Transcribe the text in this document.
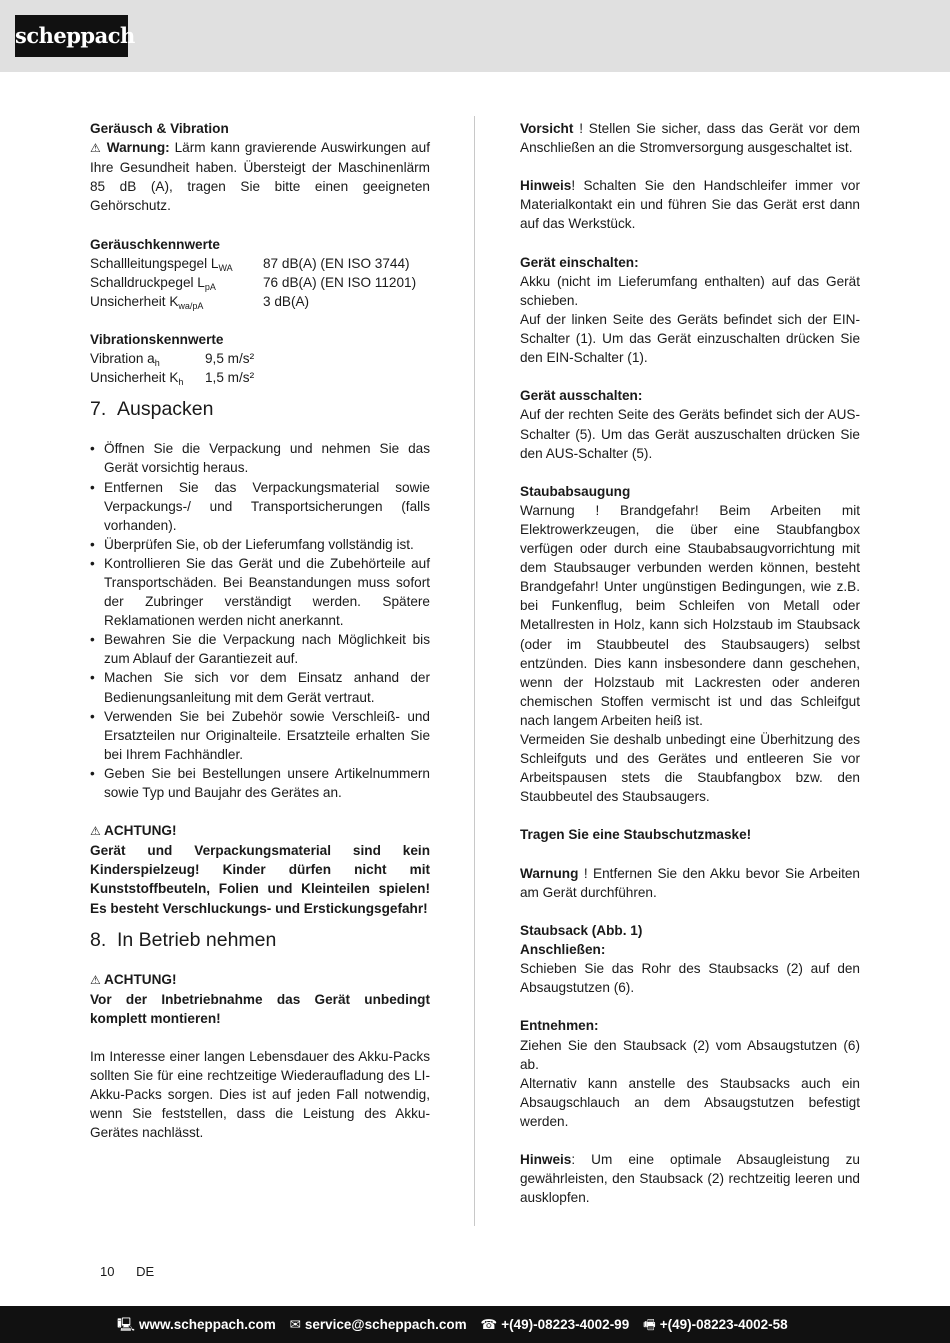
scheppach

Geräusch & Vibration

⚠ Warnung: Lärm kann gravierende Auswirkungen auf Ihre Gesundheit haben. Übersteigt der Maschinenlärm 85 dB (A), tragen Sie bitte einen geeigneten Gehörschutz.

Geräuschkennwerte

Schallleitungspegel $L_{WA}$	87 dB(A) (EN ISO 3744)
Schalldruckpegel $L_{pA}$	76 dB(A) (EN ISO 11201)
Unsicherheit $K_{wa/pA}$	3 dB(A)

Vibrationskennwerte

Vibration $a_h$	9,5 m/s²
Unsicherheit $K_h$	1,5 m/s²
7. Auspacken
• Öffnen Sie die Verpackung und nehmen Sie das Gerät vorsichtig heraus.
• Entfernen Sie das Verpackungsmaterial sowie Verpackungs-/ und Transportsicherungen (falls vorhanden).
• Überprüfen Sie, ob der Lieferumfang vollständig ist.
• Kontrollieren Sie das Gerät und die Zubehörteile auf Transportschäden. Bei Beanstandungen muss sofort der Zubringer verständigt werden. Spätere Reklamationen werden nicht anerkannt.
• Bewahren Sie die Verpackung nach Möglichkeit bis zum Ablauf der Garantiezeit auf.
• Machen Sie sich vor dem Einsatz anhand der Bedienungsanleitung mit dem Gerät vertraut.
• Verwenden Sie bei Zubehör sowie Verschleiß- und Ersatzteilen nur Originalteile. Ersatzteile erhalten Sie bei Ihrem Fachhändler.
• Geben Sie bei Bestellungen unsere Artikelnummern sowie Typ und Baujahr des Gerätes an.

⚠ ACHTUNG!

Gerät und Verpackungsmaterial sind kein Kinderspielzeug! Kinder dürfen nicht mit Kunststoffbeuteln, Folien und Kleinteilen spielen! Es besteht Verschluckungs- und Erstickungsgefahr!

8. In Betrieb nehmen

⚠ ACHTUNG!

Vor der Inbetriebnahme das Gerät unbedingt komplett montieren!

Im Interesse einer langen Lebensdauer des Akku-Packs sollten Sie für eine rechtzeitige Wiederaufladung des LI-Akku-Packs sorgen. Dies ist auf jeden Fall notwendig, wenn Sie feststellen, dass die Leistung des Akku-Gerätes nachlässt.

Vorsicht ! Stellen Sie sicher, dass das Gerät vor dem Anschließen an die Stromversorgung ausgeschaltet ist.

Hinweis! Schalten Sie den Handschleifer immer vor Materialkontakt ein und führen Sie das Gerät erst dann auf das Werkstück.

Gerät einschalten:

Akku (nicht im Lieferumfang enthalten) auf das Gerät schieben.

Auf der linken Seite des Geräts befindet sich der EIN-Schalter (1). Um das Gerät einzuschalten drücken Sie den EIN-Schalter (1).

Gerät ausschalten:

Auf der rechten Seite des Geräts befindet sich der AUS-Schalter (5). Um das Gerät auszuschalten drücken Sie den AUS-Schalter (5).

Staubabsaugung

Warnung ! Brandgefahr! Beim Arbeiten mit Elektrowerkzeugen, die über eine Staubfangbox verfügen oder durch eine Staubabsaugvorrichtung mit dem Staubsauger verbunden werden können, besteht Brandgefahr! Unter ungünstigen Bedingungen, wie z.B. bei Funkenflug, beim Schleifen von Metall oder Metallresten in Holz, kann sich Holzstaub im Staubsack (oder im Staubbeutel des Staubsaugers) selbst entzünden. Dies kann insbesondere dann geschehen, wenn der Holzstaub mit Lackresten oder anderen chemischen Stoffen vermischt ist und das Schleifgut nach langem Arbeiten heiß ist.

Vermeiden Sie deshalb unbedingt eine Überhitzung des Schleifguts und des Gerätes und entleeren Sie vor Arbeitspausen stets die Staubfangbox bzw. den Staubbeutel des Staubsaugers.

Tragen Sie eine Staubschutzmaske!

Warnung ! Entfernen Sie den Akku bevor Sie Arbeiten am Gerät durchführen.

Staubsack (Abb. 1)

Anschließen:

Schieben Sie das Rohr des Staubsacks (2) auf den Absaugstutzen (6).

Entnehmen:

Ziehen Sie den Staubsack (2) vom Absaugstutzen (6) ab.

Alternativ kann anstelle des Staubsacks auch ein Absaugschlauch an dem Absaugstutzen befestigt werden.

Hinweis: Um eine optimale Absaugleistung zu gewährleisten, den Staubsack (2) rechtzeitig leeren und ausklopfen.

10 DE
🖳 www.scheppach.com ✉ service@scheppach.com ☎ +(49)-08223-4002-99 🖷 +(49)-08223-4002-58
